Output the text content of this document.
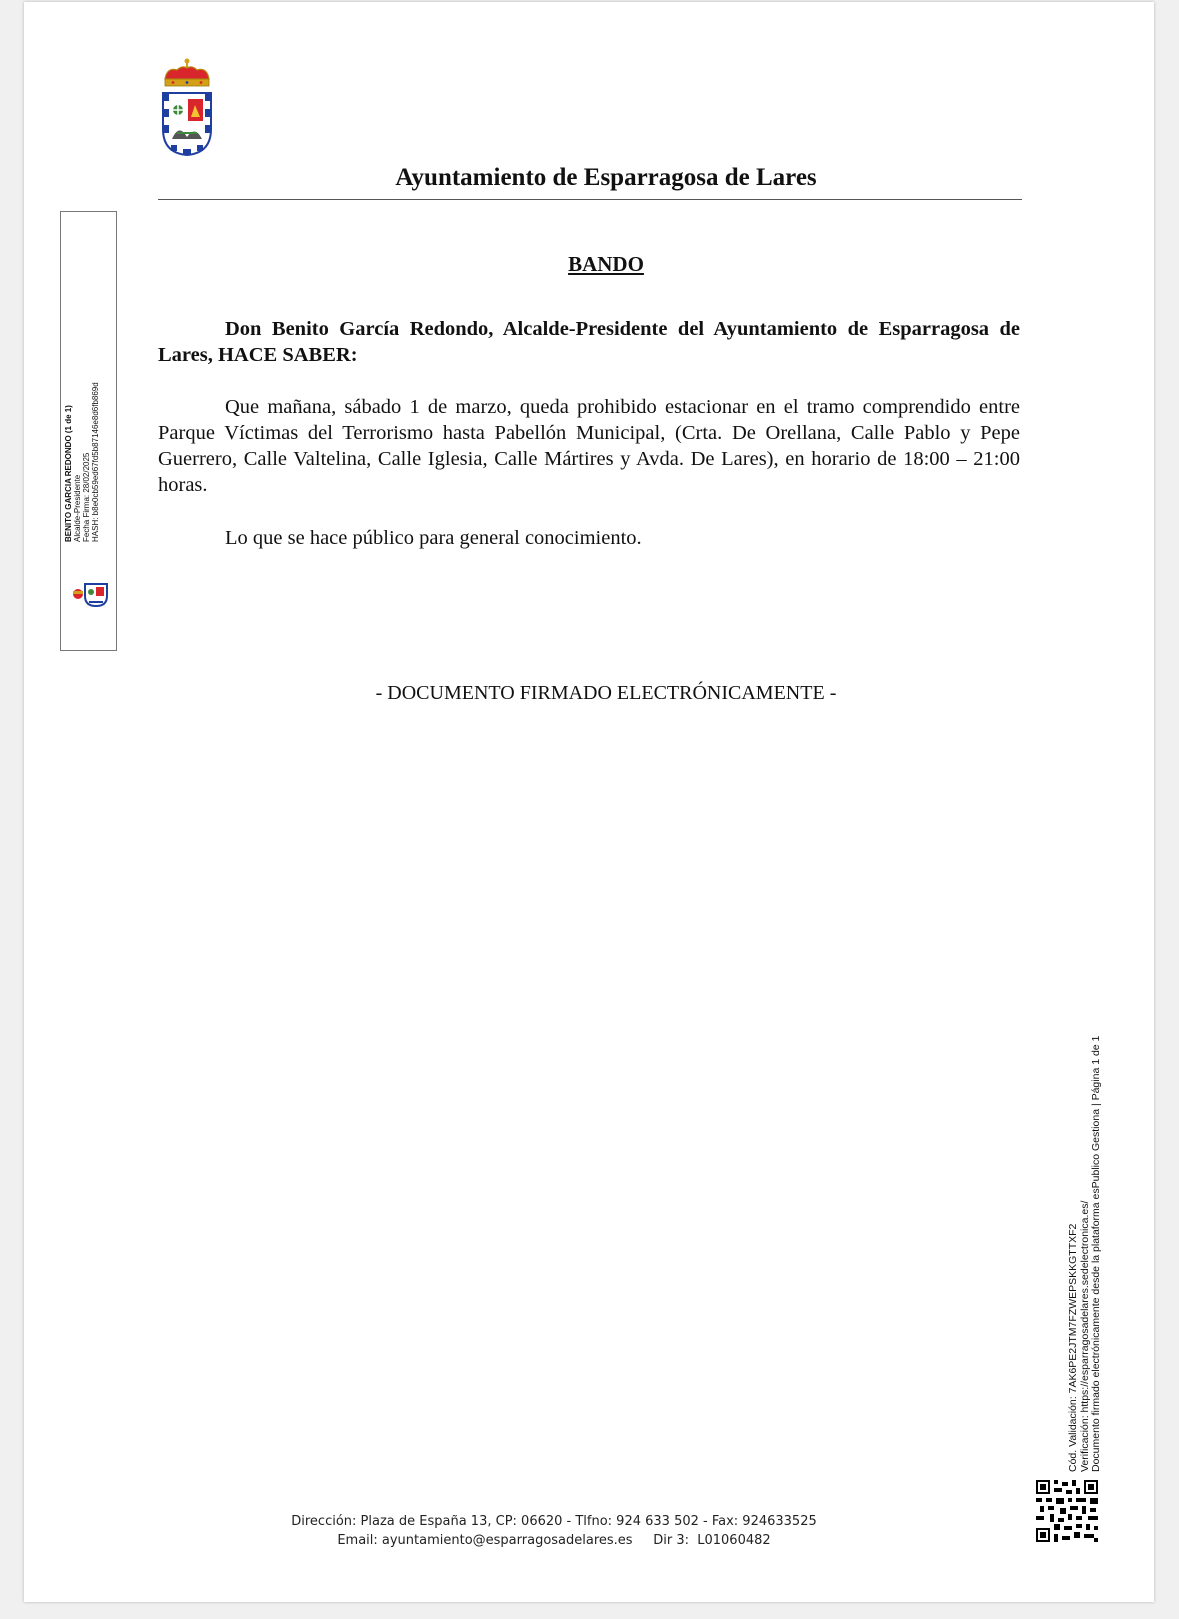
Ayuntamiento de Esparragosa de Lares
BENITO GARCIA REDONDO (1 de 1) Alcalde-Presidente Fecha Firma: 28/02/2025 HASH: b8e0cb59ed67fd5b87146e8d6fb869d
BANDO
Don Benito García Redondo, Alcalde-Presidente del Ayuntamiento de Esparragosa de Lares, HACE SABER:
Que mañana, sábado 1 de marzo, queda prohibido estacionar en el tramo comprendido entre Parque Víctimas del Terrorismo hasta Pabellón Municipal, (Crta. De Orellana, Calle Pablo y Pepe Guerrero, Calle Valtelina, Calle Iglesia, Calle Mártires y Avda. De Lares), en horario de 18:00 – 21:00 horas.
Lo que se hace público para general conocimiento.
- DOCUMENTO FIRMADO ELECTRÓNICAMENTE -
Cód. Validación: 7AK6PE2JTM7FZWEPSKKGTTXF2 Verificación: https://esparragosadelares.sedelectronica.es/ Documento firmado electrónicamente desde la plataforma esPublico Gestiona | Página 1 de 1
Dirección: Plaza de España 13, CP: 06620 - Tlfno: 924 633 502 - Fax: 924633525
Email: ayuntamiento@esparragosadelares.es     Dir 3:  L01060482
